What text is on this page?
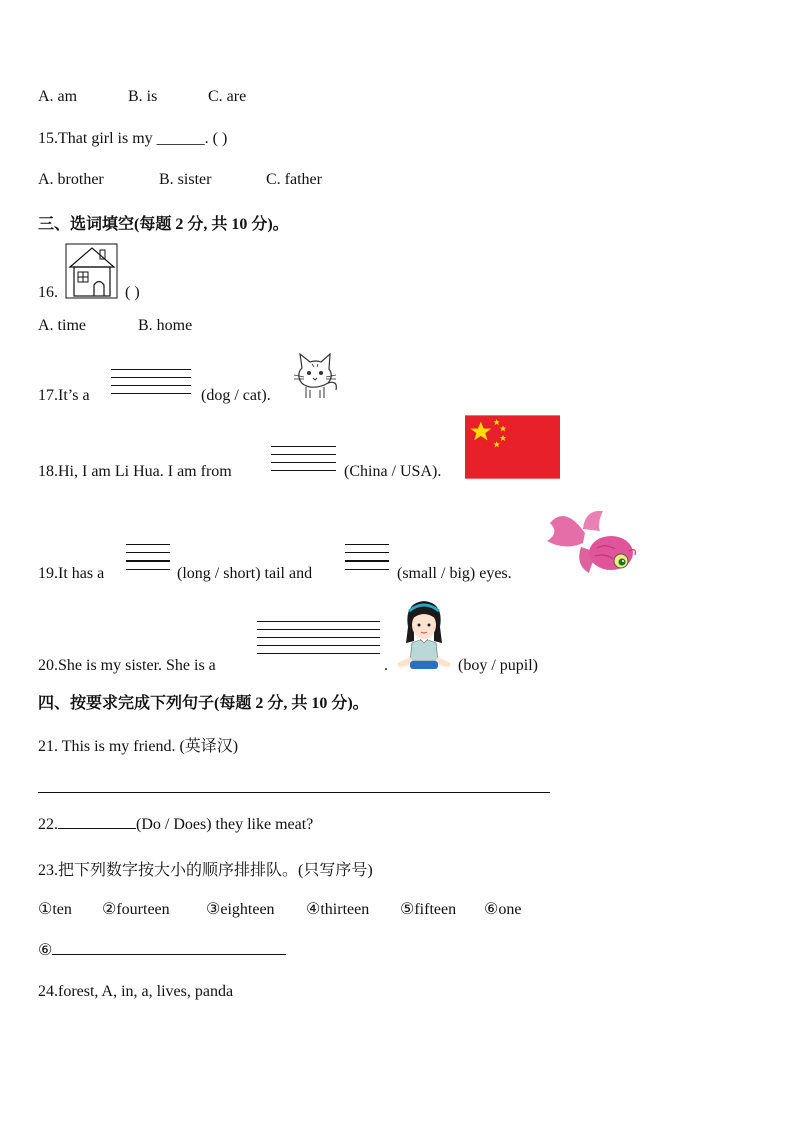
A. am	B. is	C. are
15.That girl is my ______. ( )
A. brother	B. sister	C. father
三、选词填空(每题 2 分, 共 10 分)。
16.	( )
A. time	B. home
17.It’s a	(dog / cat).
18.Hi, I am Li Hua. I am from	(China / USA).
19.It has a	(long / short) tail and	(small / big) eyes.
20.She is my sister. She is a	.	(boy / pupil)
四、按要求完成下列句子(每题 2 分, 共 10 分)。
21. This is my friend. (英译汉)
22.	(Do / Does) they like meat?
23.把下列数字按大小的顺序排排队。(只写序号)
①ten ②fourteen ③eighteen ④thirteen ⑤fifteen ⑥one
⑥
24.forest, A, in, a, lives, panda
